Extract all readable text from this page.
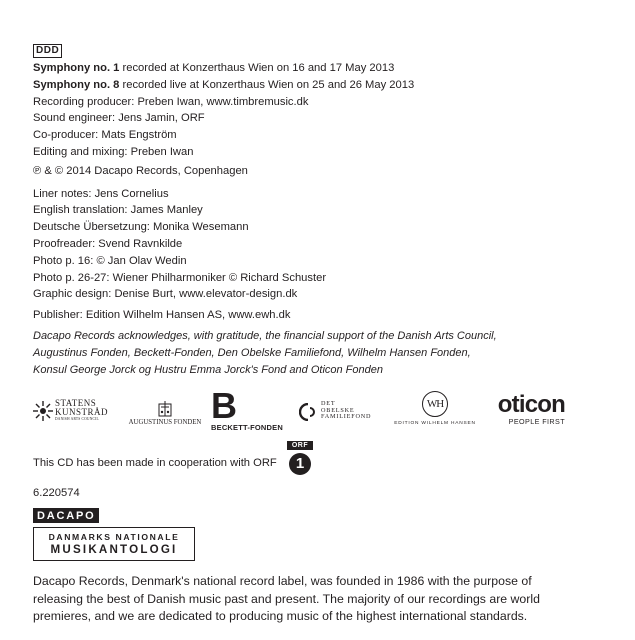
DDD
Symphony no. 1 recorded at Konzerthaus Wien on 16 and 17 May 2013
Symphony no. 8 recorded live at Konzerthaus Wien on 25 and 26 May 2013
Recording producer: Preben Iwan, www.timbremusic.dk
Sound engineer: Jens Jamin, ORF
Co-producer: Mats Engström
Editing and mixing: Preben Iwan
℗ & © 2014 Dacapo Records, Copenhagen
Liner notes: Jens Cornelius
English translation: James Manley
Deutsche Übersetzung: Monika Wesemann
Proofreader: Svend Ravnkilde
Photo p. 16: © Jan Olav Wedin
Photo p. 26-27: Wiener Philharmoniker © Richard Schuster
Graphic design: Denise Burt, www.elevator-design.dk
Publisher: Edition Wilhelm Hansen AS, www.ewh.dk
Dacapo Records acknowledges, with gratitude, the financial support of the Danish Arts Council,
Augustinus Fonden, Beckett-Fonden, Den Obelske Familiefond, Wilhelm Hansen Fonden,
Konsul George Jorck og Hustru Emma Jorck's Fond and Oticon Fonden
STATENS
KUNSTRÅD
DANISH ARTS COUNCIL	AUGUSTINUS FONDEN B
BECKETT-FONDEN
DET
OBELSKE
FAMILIEFOND
WH
EDITION WILHELM HANSEN
oticon
PEOPLE FIRST
This CD has been made in cooperation with ORF
ORF
1
6.220574
DACAPO
DANMARKS NATIONALE
MUSIKANTOLOGI
Dacapo Records, Denmark's national record label, was founded in 1986 with the purpose of
releasing the best of Danish music past and present. The majority of our recordings are world
premieres, and we are dedicated to producing music of the highest international standards.
